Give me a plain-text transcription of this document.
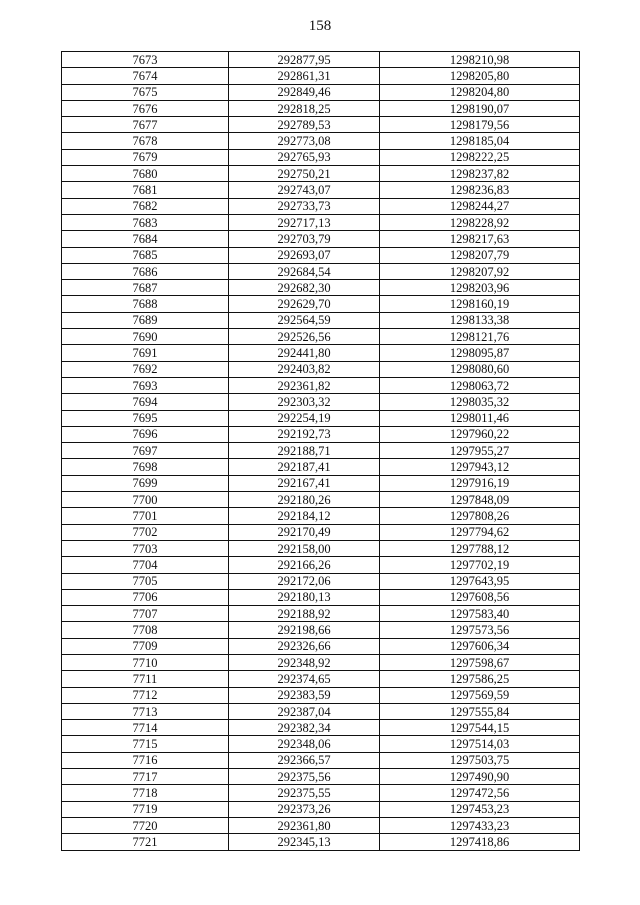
158
7673	292877,95	1298210,98
7674	292861,31	1298205,80
7675	292849,46	1298204,80
7676	292818,25	1298190,07
7677	292789,53	1298179,56
7678	292773,08	1298185,04
7679	292765,93	1298222,25
7680	292750,21	1298237,82
7681	292743,07	1298236,83
7682	292733,73	1298244,27
7683	292717,13	1298228,92
7684	292703,79	1298217,63
7685	292693,07	1298207,79
7686	292684,54	1298207,92
7687	292682,30	1298203,96
7688	292629,70	1298160,19
7689	292564,59	1298133,38
7690	292526,56	1298121,76
7691	292441,80	1298095,87
7692	292403,82	1298080,60
7693	292361,82	1298063,72
7694	292303,32	1298035,32
7695	292254,19	1298011,46
7696	292192,73	1297960,22
7697	292188,71	1297955,27
7698	292187,41	1297943,12
7699	292167,41	1297916,19
7700	292180,26	1297848,09
7701	292184,12	1297808,26
7702	292170,49	1297794,62
7703	292158,00	1297788,12
7704	292166,26	1297702,19
7705	292172,06	1297643,95
7706	292180,13	1297608,56
7707	292188,92	1297583,40
7708	292198,66	1297573,56
7709	292326,66	1297606,34
7710	292348,92	1297598,67
7711	292374,65	1297586,25
7712	292383,59	1297569,59
7713	292387,04	1297555,84
7714	292382,34	1297544,15
7715	292348,06	1297514,03
7716	292366,57	1297503,75
7717	292375,56	1297490,90
7718	292375,55	1297472,56
7719	292373,26	1297453,23
7720	292361,80	1297433,23
7721	292345,13	1297418,86
